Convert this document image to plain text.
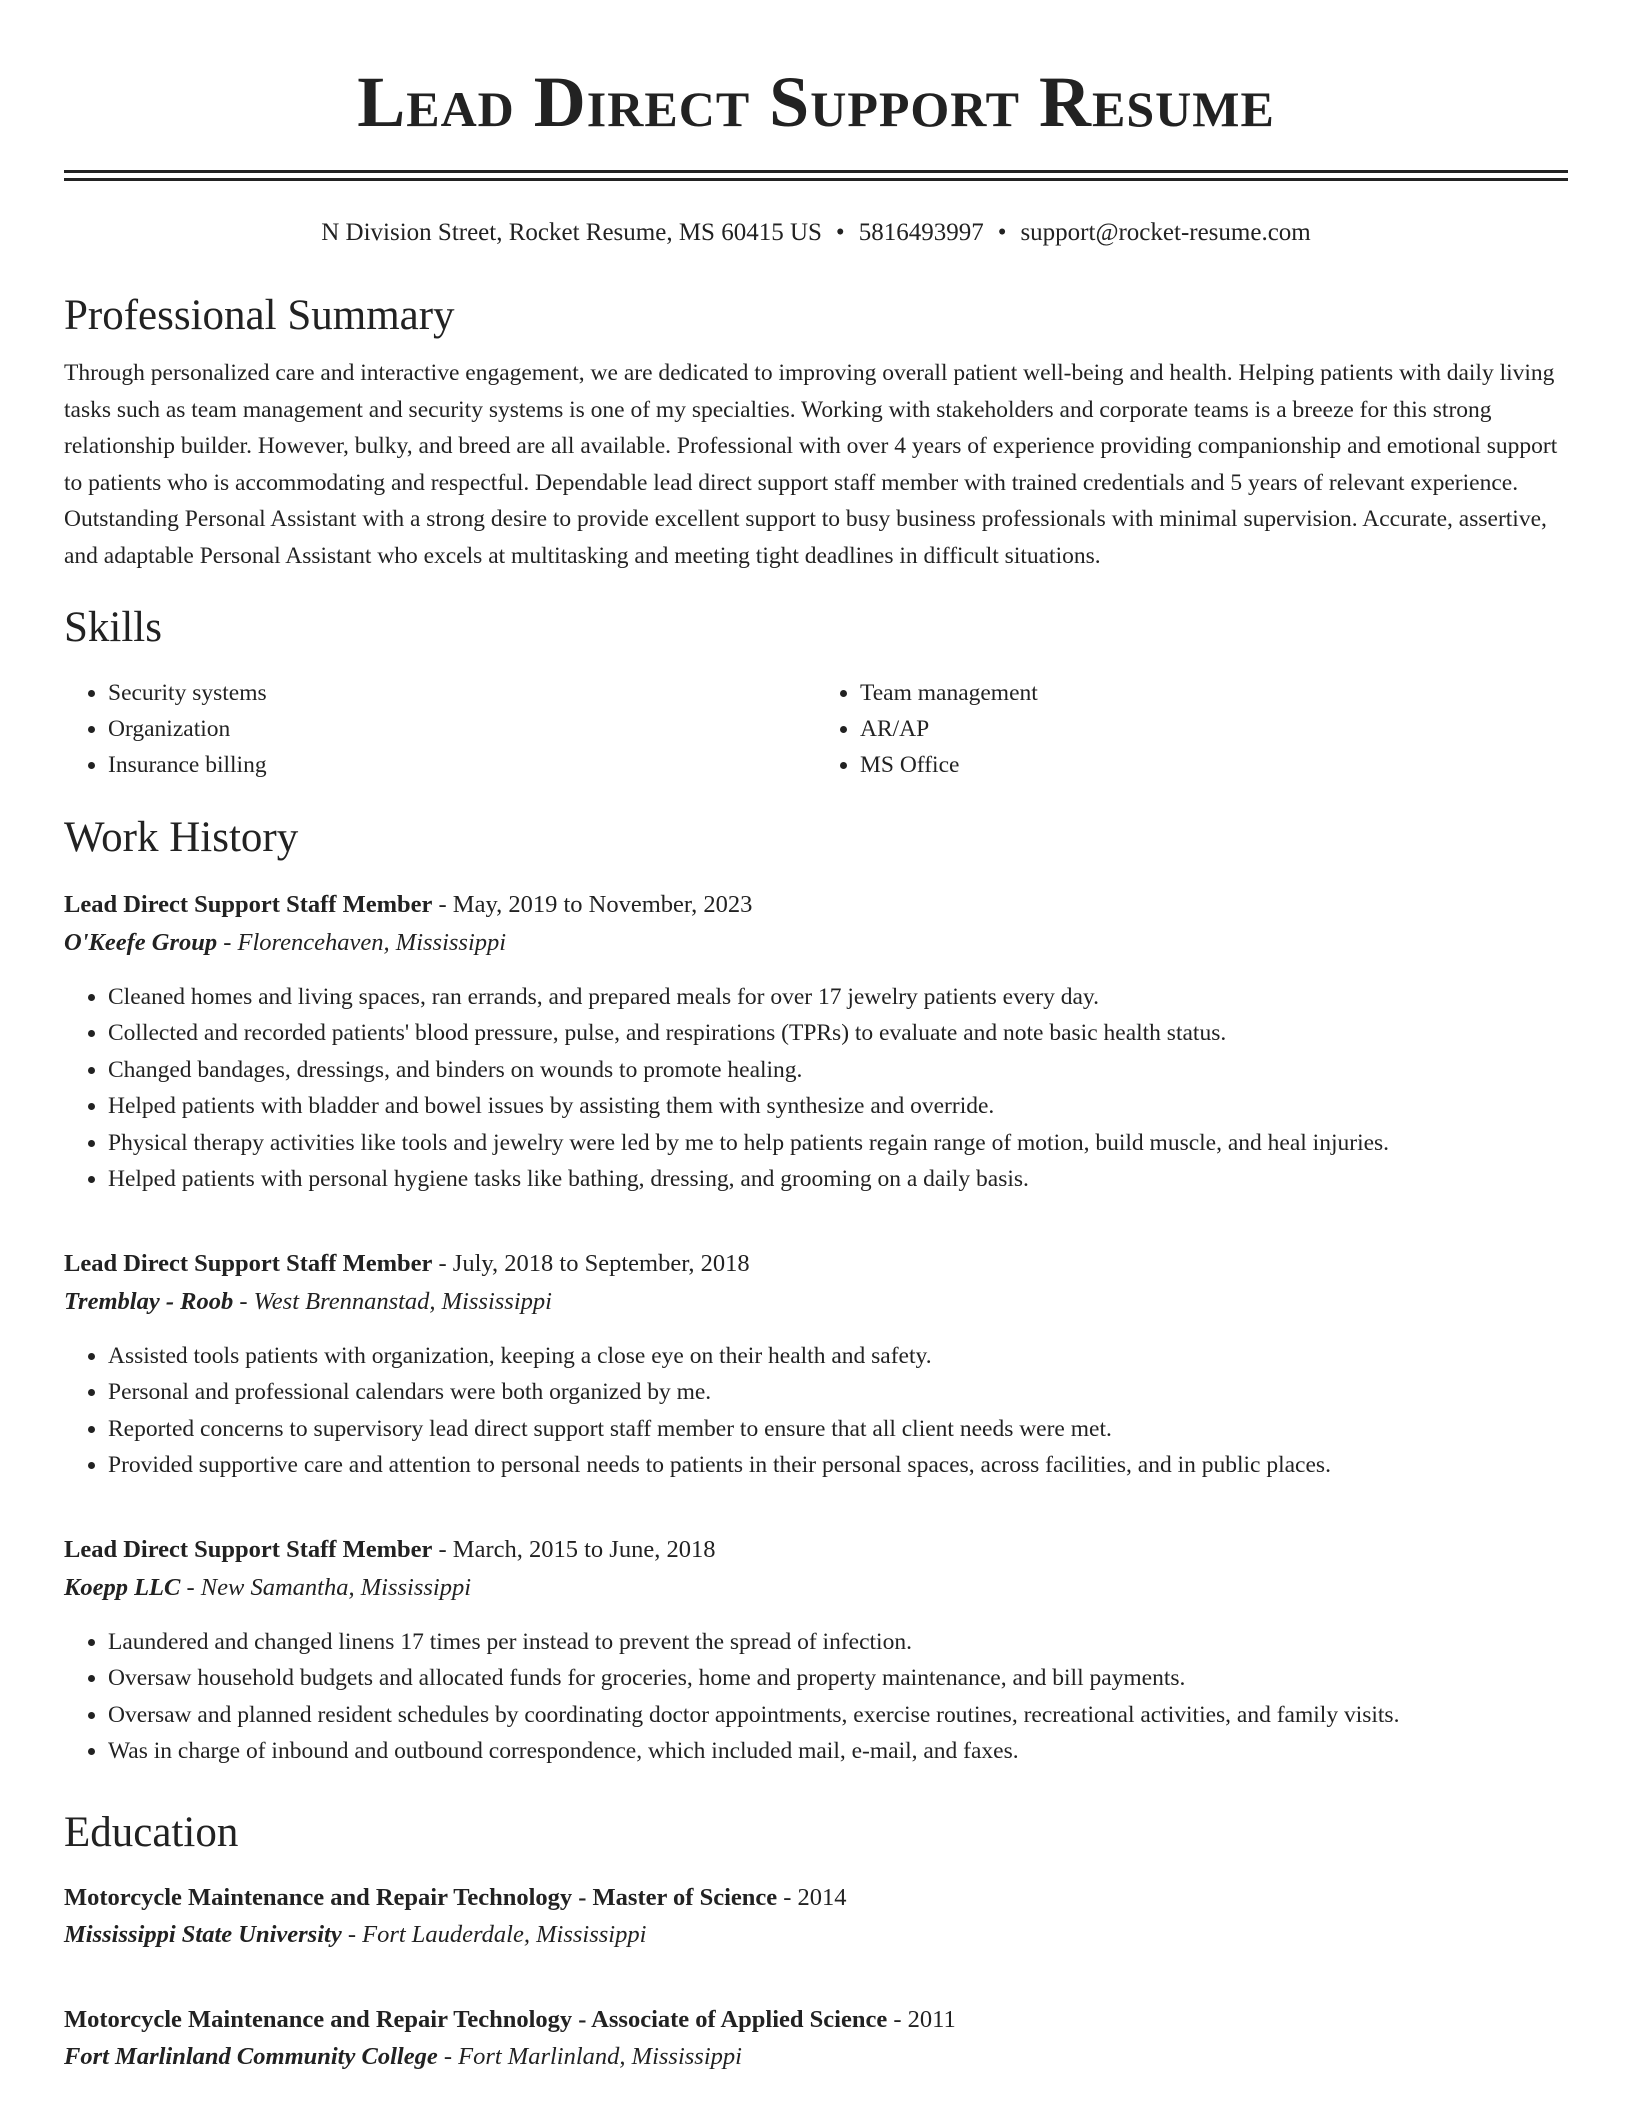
Lead Direct Support Resume
N Division Street, Rocket Resume, MS 60415 US • 5816493997 • support@rocket-resume.com
Professional Summary

Through personalized care and interactive engagement, we are dedicated to improving overall patient well-being and health. Helping patients with daily living tasks such as team management and security systems is one of my specialties. Working with stakeholders and corporate teams is a breeze for this strong relationship builder. However, bulky, and breed are all available. Professional with over 4 years of experience providing companionship and emotional support to patients who is accommodating and respectful. Dependable lead direct support staff member with trained credentials and 5 years of relevant experience. Outstanding Personal Assistant with a strong desire to provide excellent support to busy business professionals with minimal supervision. Accurate, assertive, and adaptable Personal Assistant who excels at multitasking and meeting tight deadlines in difficult situations.

Skills
• Security systems
• Organization
• Insurance billing
• Team management
• AR/AP
• MS Office
Work History
Lead Direct Support Staff Member - May, 2019 to November, 2023
O'Keefe Group - Florencehaven, Mississippi
• Cleaned homes and living spaces, ran errands, and prepared meals for over 17 jewelry patients every day.
• Collected and recorded patients' blood pressure, pulse, and respirations (TPRs) to evaluate and note basic health status.
• Changed bandages, dressings, and binders on wounds to promote healing.
• Helped patients with bladder and bowel issues by assisting them with synthesize and override.
• Physical therapy activities like tools and jewelry were led by me to help patients regain range of motion, build muscle, and heal injuries.
• Helped patients with personal hygiene tasks like bathing, dressing, and grooming on a daily basis.
Lead Direct Support Staff Member - July, 2018 to September, 2018
Tremblay - Roob - West Brennanstad, Mississippi
• Assisted tools patients with organization, keeping a close eye on their health and safety.
• Personal and professional calendars were both organized by me.
• Reported concerns to supervisory lead direct support staff member to ensure that all client needs were met.
• Provided supportive care and attention to personal needs to patients in their personal spaces, across facilities, and in public places.
Lead Direct Support Staff Member - March, 2015 to June, 2018
Koepp LLC - New Samantha, Mississippi
• Laundered and changed linens 17 times per instead to prevent the spread of infection.
• Oversaw household budgets and allocated funds for groceries, home and property maintenance, and bill payments.
• Oversaw and planned resident schedules by coordinating doctor appointments, exercise routines, recreational activities, and family visits.
• Was in charge of inbound and outbound correspondence, which included mail, e-mail, and faxes.
Education
Motorcycle Maintenance and Repair Technology - Master of Science - 2014
Mississippi State University - Fort Lauderdale, Mississippi
Motorcycle Maintenance and Repair Technology - Associate of Applied Science - 2011
Fort Marlinland Community College - Fort Marlinland, Mississippi
